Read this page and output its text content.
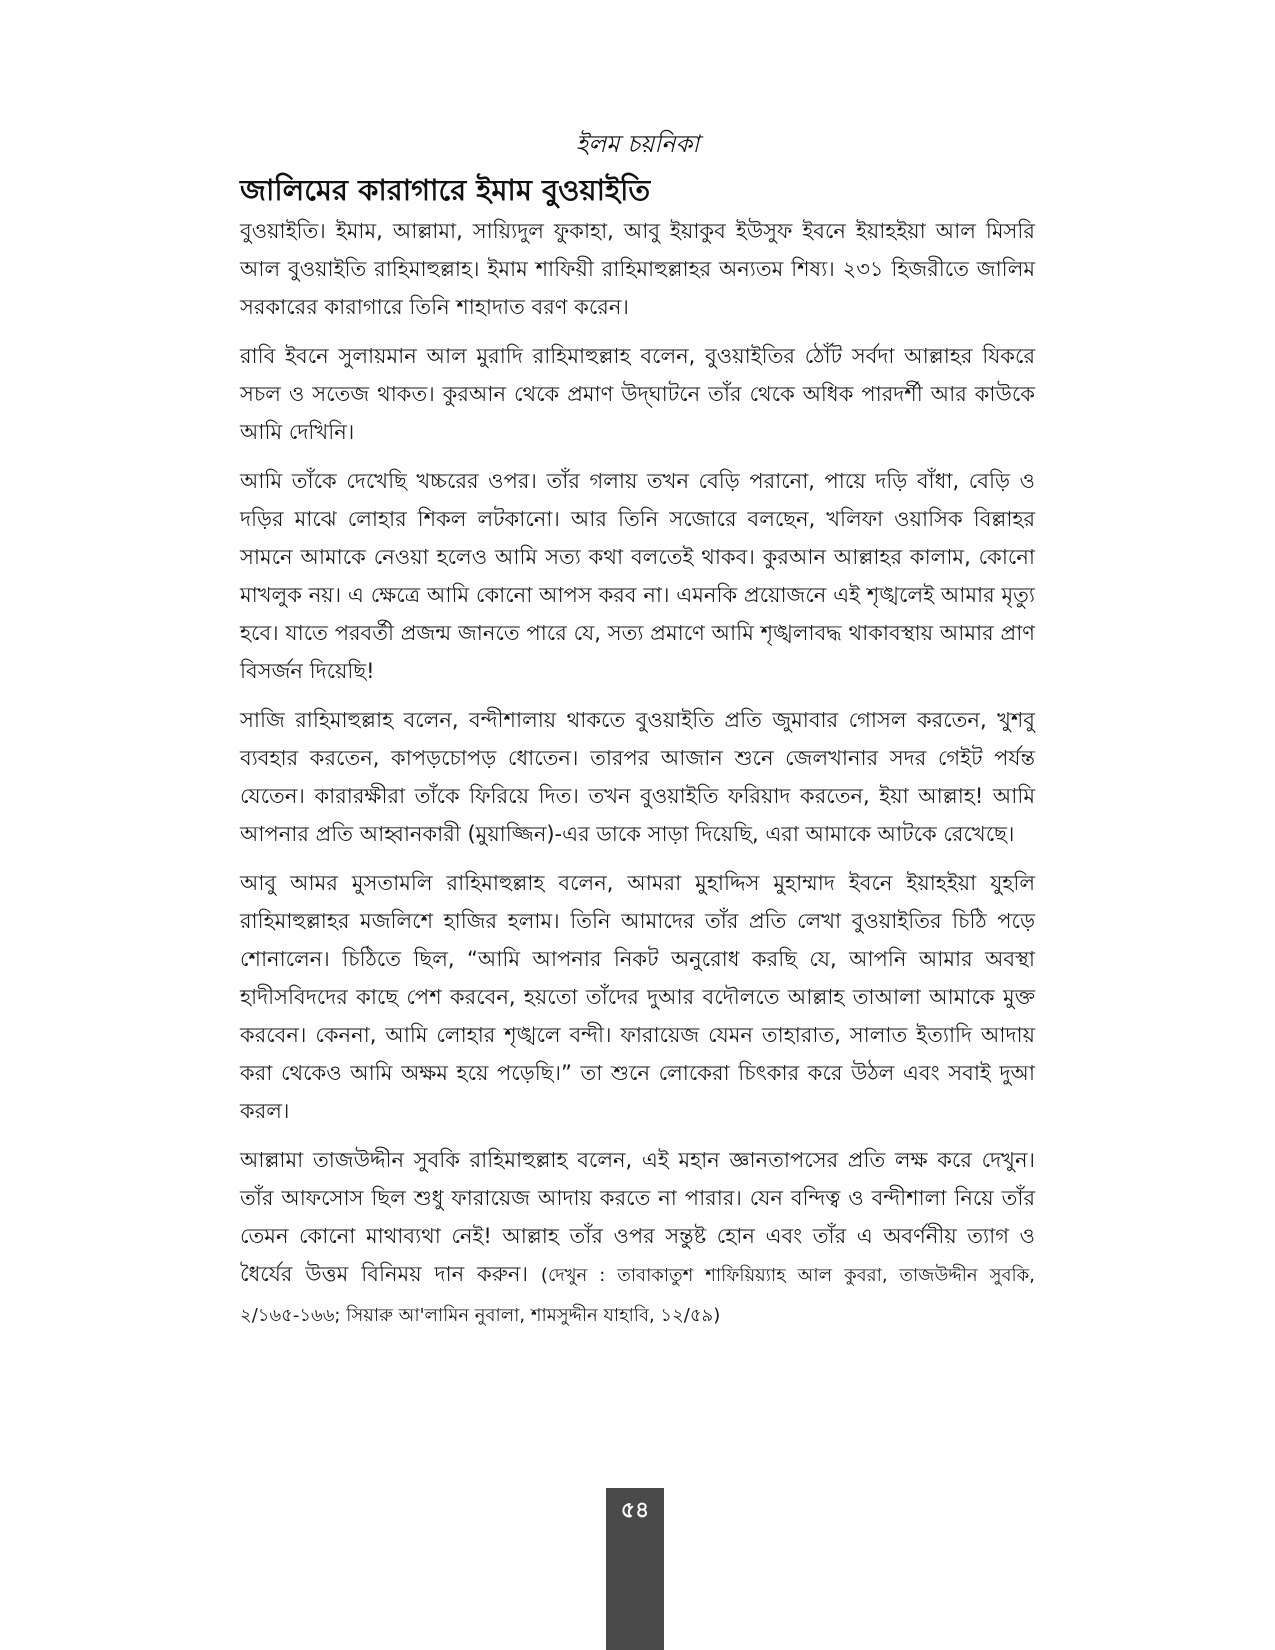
ইলম চয়নিকা
জালিমের কারাগারে ইমাম বুওয়াইতি

বুওয়াইতি। ইমাম, আল্লামা, সায়্যিদুল ফুকাহা, আবু ইয়াকুব ইউসুফ ইবনে ইয়াহইয়া আল মিসরি আল বুওয়াইতি রাহিমাহুল্লাহ। ইমাম শাফিয়ী রাহিমাহুল্লাহর অন্যতম শিষ্য। ২৩১ হিজরীতে জালিম সরকারের কারাগারে তিনি শাহাদাত বরণ করেন।

রাবি ইবনে সুলায়মান আল মুরাদি রাহিমাহুল্লাহ বলেন, বুওয়াইতির ঠোঁট সর্বদা আল্লাহর যিকরে সচল ও সতেজ থাকত। কুরআন থেকে প্রমাণ উদ্‌ঘাটনে তাঁর থেকে অধিক পারদর্শী আর কাউকে আমি দেখিনি।

আমি তাঁকে দেখেছি খচ্চরের ওপর। তাঁর গলায় তখন বেড়ি পরানো, পায়ে দড়ি বাঁধা, বেড়ি ও দড়ির মাঝে লোহার শিকল লটকানো। আর তিনি সজোরে বলছেন, খলিফা ওয়াসিক বিল্লাহর সামনে আমাকে নেওয়া হলেও আমি সত্য কথা বলতেই থাকব। কুরআন আল্লাহর কালাম, কোনো মাখলুক নয়। এ ক্ষেত্রে আমি কোনো আপস করব না। এমনকি প্রয়োজনে এই শৃঙ্খলেই আমার মৃত্যু হবে। যাতে পরবর্তী প্রজন্ম জানতে পারে যে, সত্য প্রমাণে আমি শৃঙ্খলাবদ্ধ থাকাবস্থায় আমার প্রাণ বিসর্জন দিয়েছি!

সাজি রাহিমাহুল্লাহ বলেন, বন্দীশালায় থাকতে বুওয়াইতি প্রতি জুমাবার গোসল করতেন, খুশবু ব্যবহার করতেন, কাপড়চোপড় ধোতেন। তারপর আজান শুনে জেলখানার সদর গেইট পর্যন্ত যেতেন। কারারক্ষীরা তাঁকে ফিরিয়ে দিত। তখন বুওয়াইতি ফরিয়াদ করতেন, ইয়া আল্লাহ! আমি আপনার প্রতি আহ্বানকারী (মুয়াজ্জিন)-এর ডাকে সাড়া দিয়েছি, এরা আমাকে আটকে রেখেছে।

আবু আমর মুসতামলি রাহিমাহুল্লাহ বলেন, আমরা মুহাদ্দিস মুহাম্মাদ ইবনে ইয়াহইয়া যুহলি রাহিমাহুল্লাহর মজলিশে হাজির হলাম। তিনি আমাদের তাঁর প্রতি লেখা বুওয়াইতির চিঠি পড়ে শোনালেন। চিঠিতে ছিল, “আমি আপনার নিকট অনুরোধ করছি যে, আপনি আমার অবস্থা হাদীসবিদদের কাছে পেশ করবেন, হয়তো তাঁদের দুআর বদৌলতে আল্লাহ তাআলা আমাকে মুক্ত করবেন। কেননা, আমি লোহার শৃঙ্খলে বন্দী। ফারায়েজ যেমন তাহারাত, সালাত ইত্যাদি আদায় করা থেকেও আমি অক্ষম হয়ে পড়েছি।” তা শুনে লোকেরা চিৎকার করে উঠল এবং সবাই দুআ করল।

আল্লামা তাজউদ্দীন সুবকি রাহিমাহুল্লাহ বলেন, এই মহান জ্ঞানতাপসের প্রতি লক্ষ করে দেখুন। তাঁর আফসোস ছিল শুধু ফারায়েজ আদায় করতে না পারার। যেন বন্দিত্ব ও বন্দীশালা নিয়ে তাঁর তেমন কোনো মাথাব্যথা নেই! আল্লাহ তাঁর ওপর সন্তুষ্ট হোন এবং তাঁর এ অবর্ণনীয় ত্যাগ ও ধৈর্যের উত্তম বিনিময় দান করুন। (দেখুন : তাবাকাতুশ শাফিয়িয়্যাহ আল কুবরা, তাজউদ্দীন সুবকি, ২/১৬৫-১৬৬; সিয়ারু আ'লামিন নুবালা, শামসুদ্দীন যাহাবি, ১২/৫৯)

৫৪
